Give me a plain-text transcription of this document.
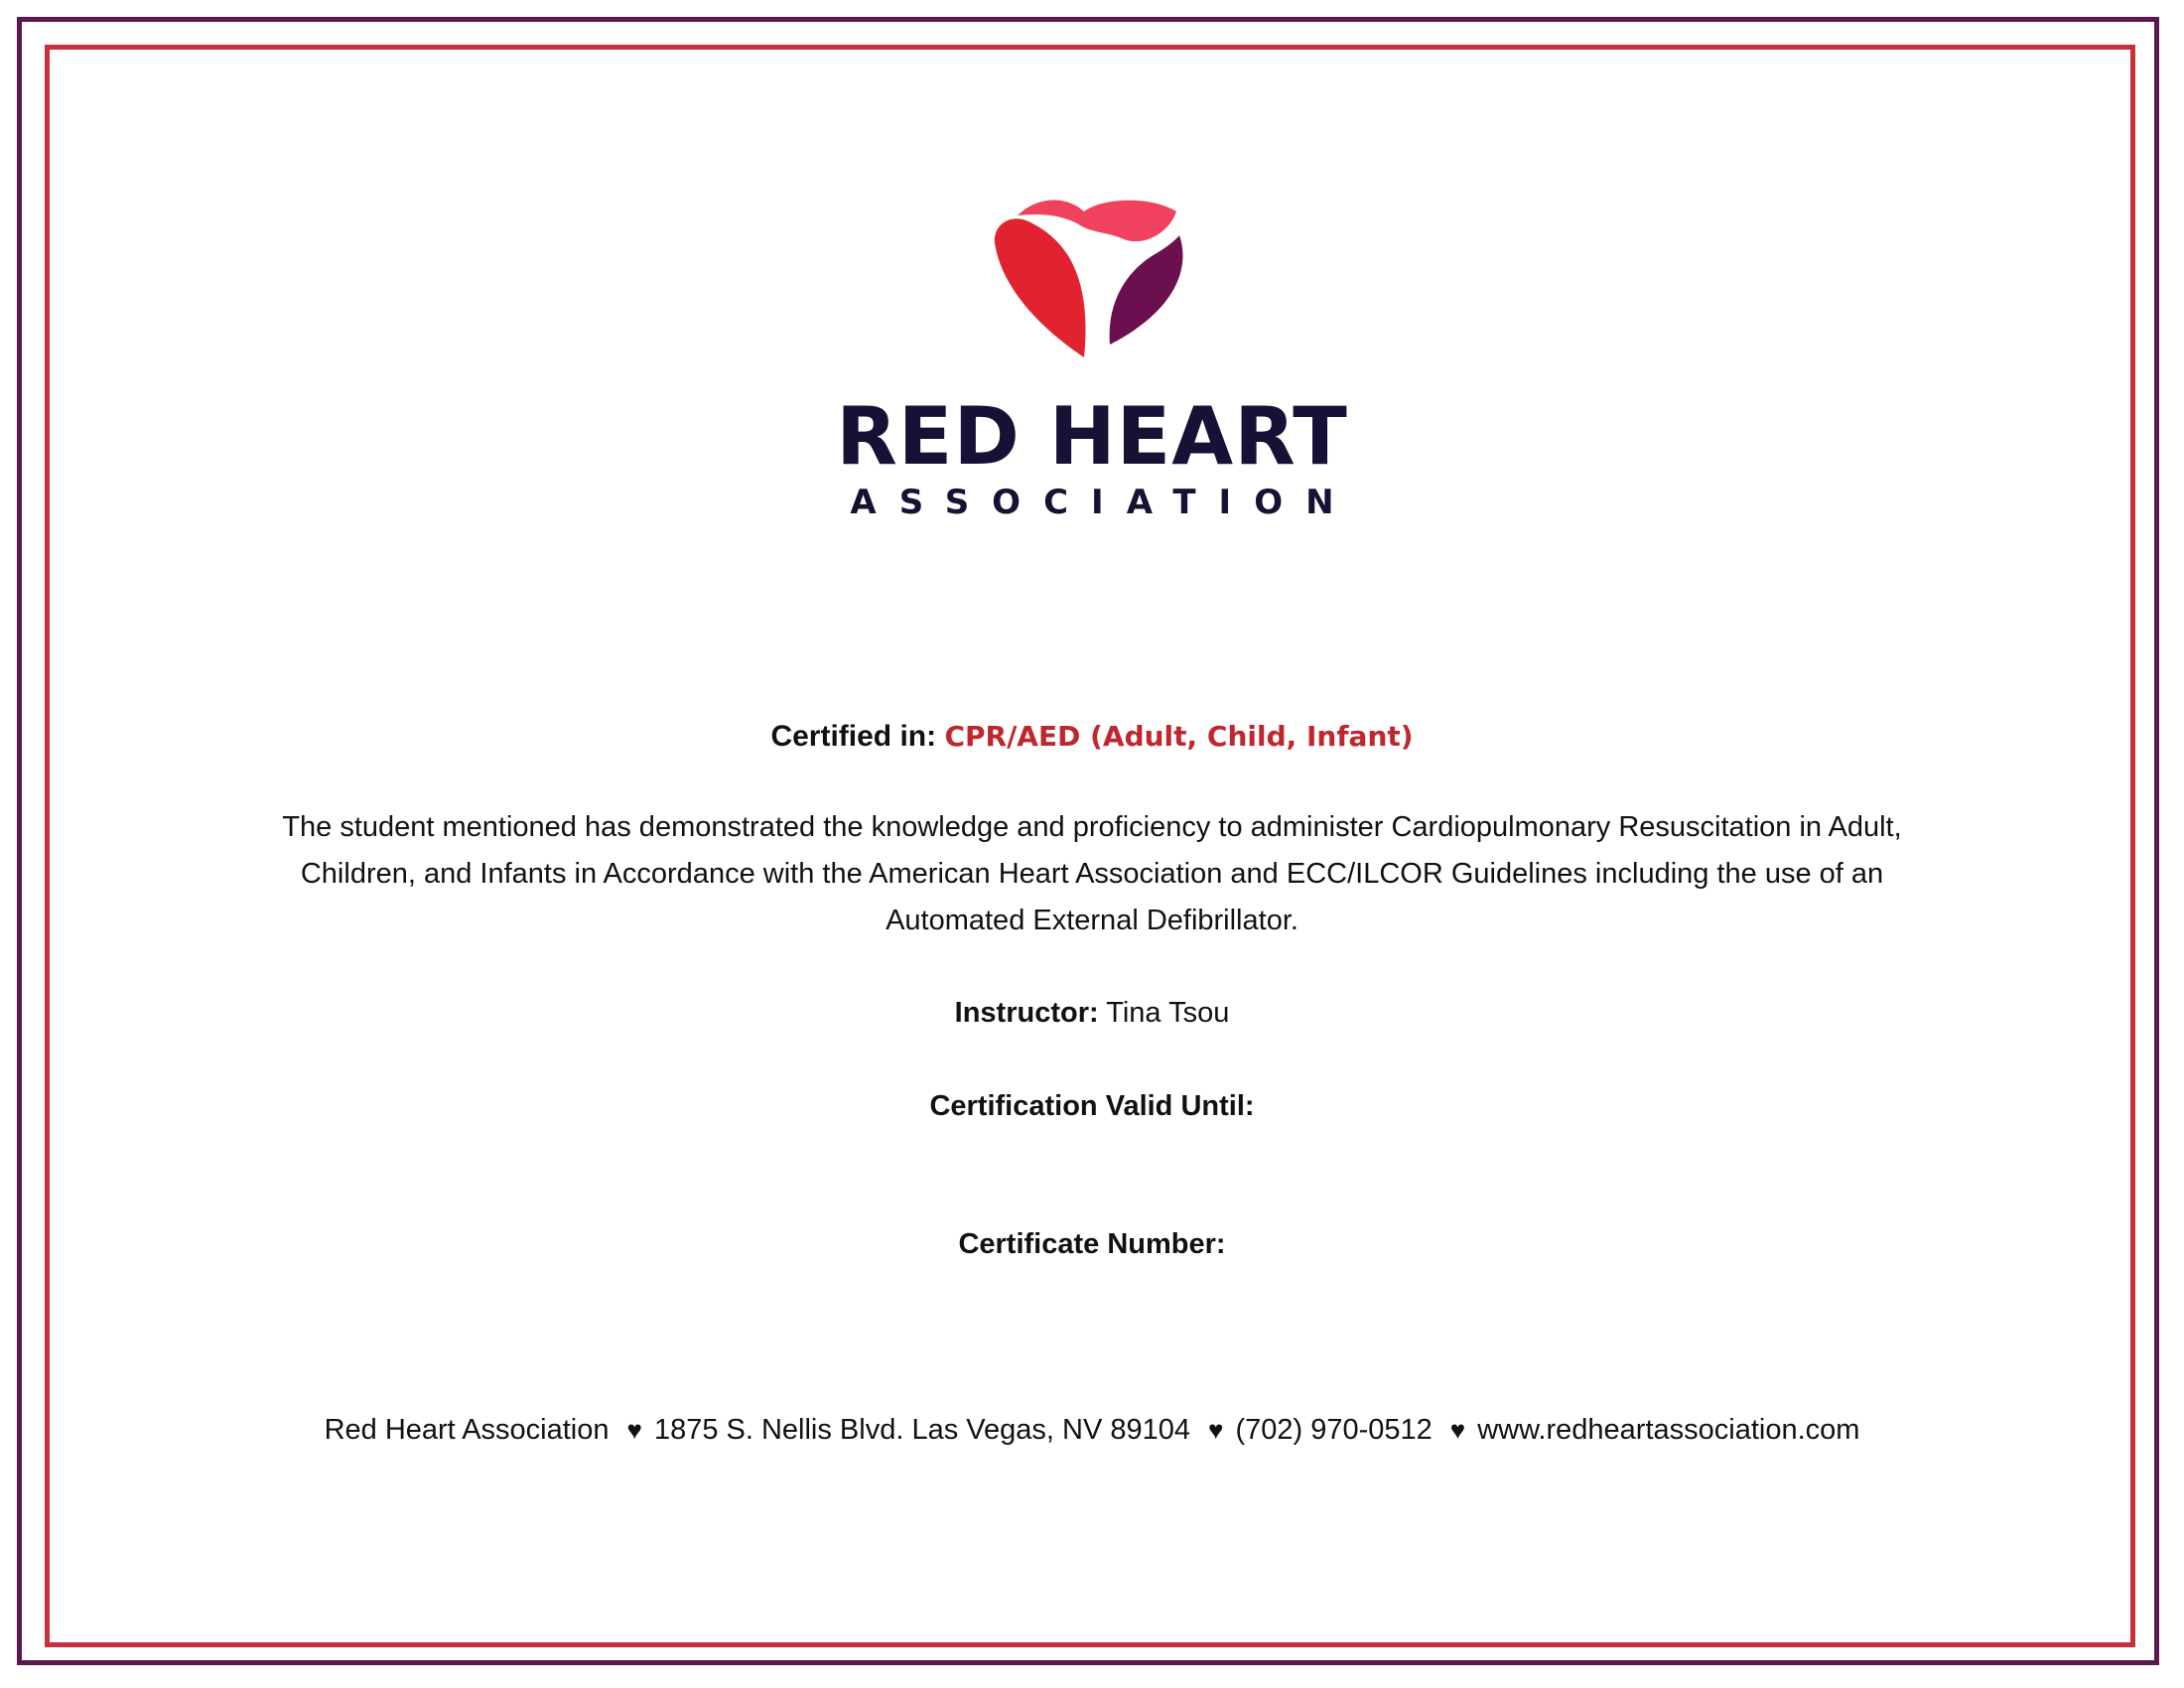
RED HEART
ASSOCIATION
Certified in: CPR/AED (Adult, Child, Infant)
The student mentioned has demonstrated the knowledge and proficiency to administer Cardiopulmonary Resuscitation in Adult,
Children, and Infants in Accordance with the American Heart Association and ECC/ILCOR Guidelines including the use of an
Automated External Defibrillator.
Instructor: Tina Tsou
Certification Valid Until:
Certificate Number:
Red Heart Association ♥ 1875 S. Nellis Blvd. Las Vegas, NV 89104 ♥ (702) 970-0512 ♥ www.redheartassociation.com
